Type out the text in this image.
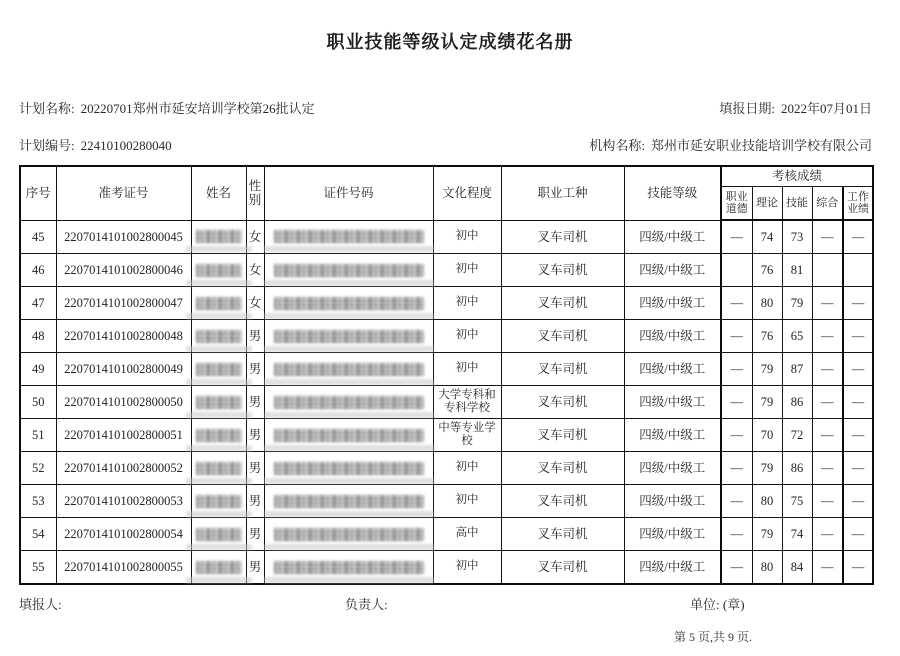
职业技能等级认定成绩花名册
计划名称: 20220701郑州市延安培训学校第26批认定	填报日期: 2022年07月01日
计划编号: 22410100280040	机构名称: 郑州市延安职业技能培训学校有限公司
序号	准考证号	姓名	性别	证件号码	文化程度	职业工种	技能等级	考核成绩				
								职业道德	理论	技能	综合	工作业绩
45	2207014101002800045		女		初中	叉车司机	四级/中级工	—	74	73	—	—
46	2207014101002800046		女		初中	叉车司机	四级/中级工		76	81		
47	2207014101002800047		女		初中	叉车司机	四级/中级工	—	80	79	—	—
48	2207014101002800048		男		初中	叉车司机	四级/中级工	—	76	65	—	—
49	2207014101002800049		男		初中	叉车司机	四级/中级工	—	79	87	—	—
50	2207014101002800050		男		大学专科和专科学校	叉车司机	四级/中级工	—	79	86	—	—
51	2207014101002800051		男		中等专业学校	叉车司机	四级/中级工	—	70	72	—	—
52	2207014101002800052		男		初中	叉车司机	四级/中级工	—	79	86	—	—
53	2207014101002800053		男		初中	叉车司机	四级/中级工	—	80	75	—	—
54	2207014101002800054		男		高中	叉车司机	四级/中级工	—	79	74	—	—
55	2207014101002800055		男		初中	叉车司机	四级/中级工	—	80	84	—	—
填报人:	负责人:	单位: (章)
第 5 页,共 9 页.
